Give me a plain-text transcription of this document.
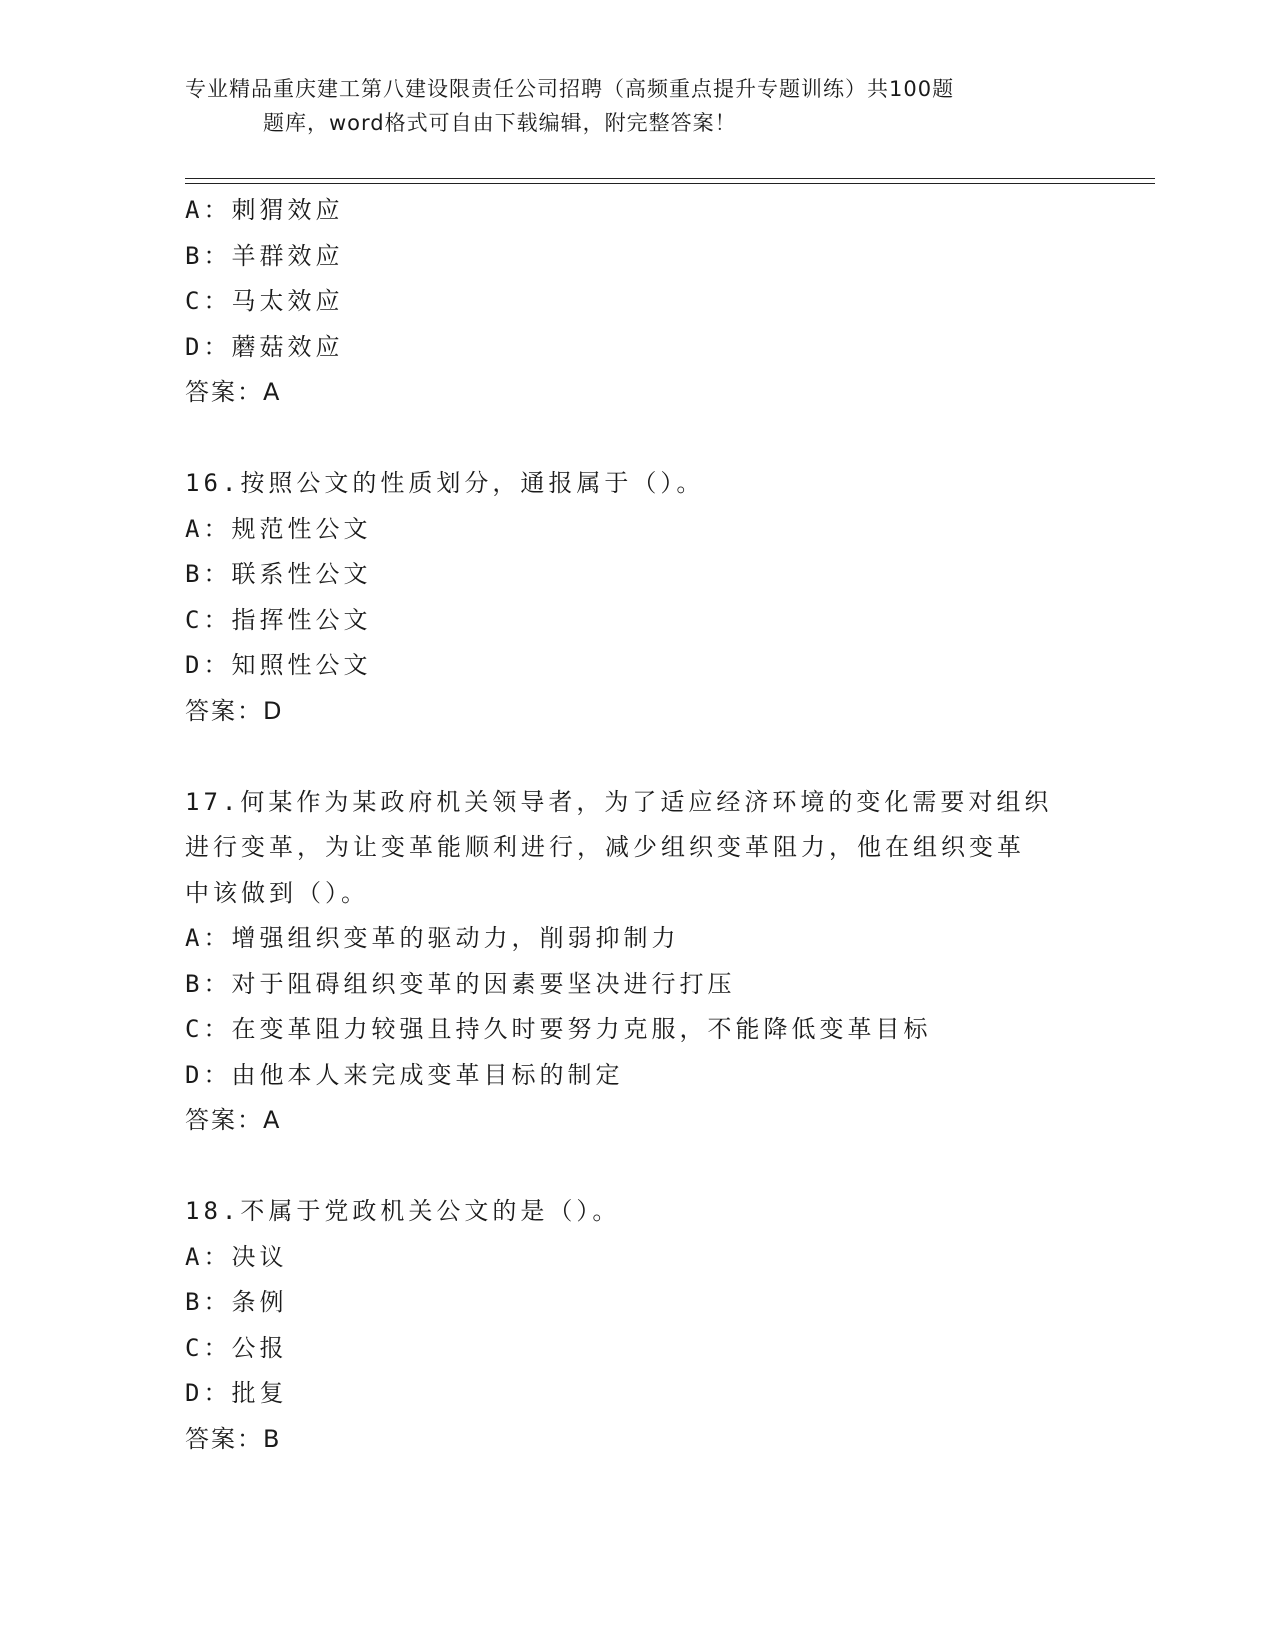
专业精品重庆建工第八建设限责任公司招聘（高频重点提升专题训练）共100题
题库，word格式可自由下载编辑，附完整答案！
A：刺猬效应
B：羊群效应
C：马太效应
D：蘑菇效应
答案：A
16.按照公文的性质划分，通报属于（）。
A：规范性公文
B：联系性公文
C：指挥性公文
D：知照性公文
答案：D
17.何某作为某政府机关领导者，为了适应经济环境的变化需要对组织
进行变革，为让变革能顺利进行，减少组织变革阻力，他在组织变革
中该做到（）。
A：增强组织变革的驱动力，削弱抑制力
B：对于阻碍组织变革的因素要坚决进行打压
C：在变革阻力较强且持久时要努力克服，不能降低变革目标
D：由他本人来完成变革目标的制定
答案：A
18.不属于党政机关公文的是（）。
A：决议
B：条例
C：公报
D：批复
答案：B
